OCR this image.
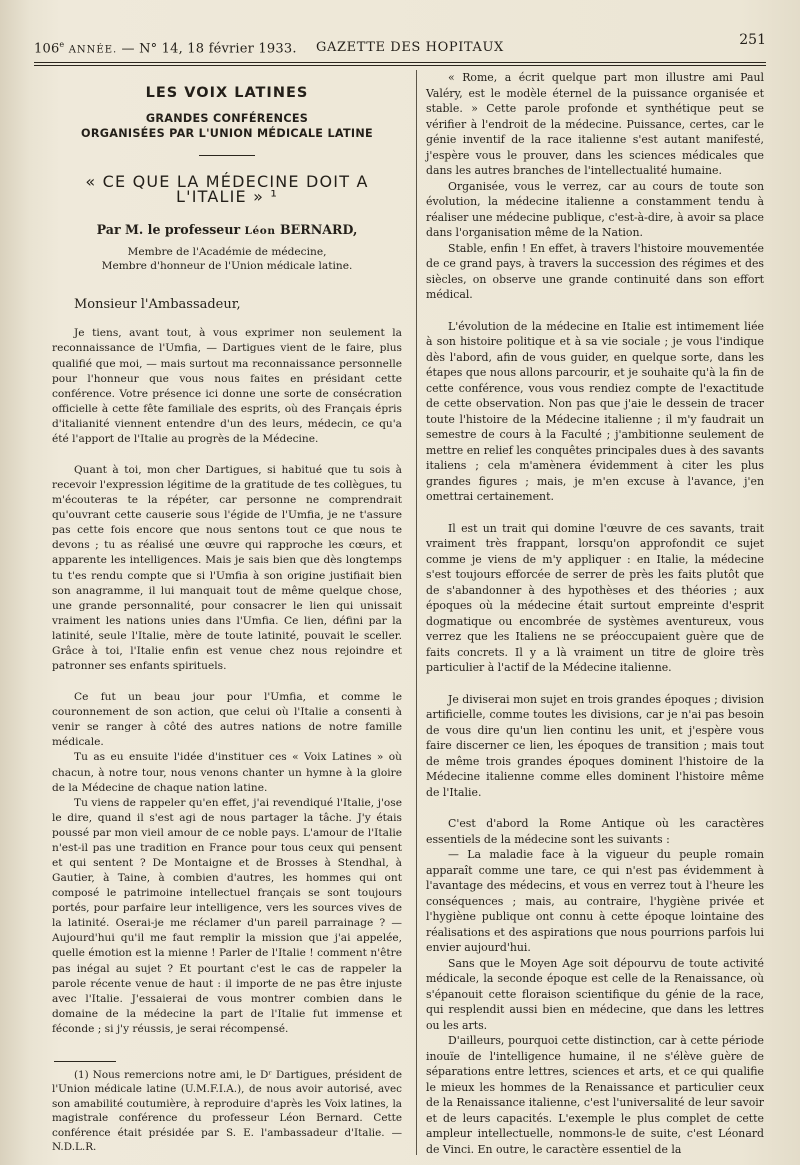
106e ANNÉE. — N° 14, 18 février 1933. GAZETTE DES HOPITAUX	251
LES VOIX LATINES
GRANDES CONFÉRENCES
ORGANISÉES PAR L'UNION MÉDICALE LATINE
« CE QUE LA MÉDECINE DOIT A L'ITALIE » ¹
Par M. le professeur Léon BERNARD,
Membre de l'Académie de médecine,
Membre d'honneur de l'Union médicale latine.

Monsieur l'Ambassadeur,

Je tiens, avant tout, à vous exprimer non seulement la reconnaissance de l'Umfia, — Dartigues vient de le faire, plus qualifié que moi, — mais surtout ma reconnaissance personnelle pour l'honneur que vous nous faites en présidant cette conférence. Votre présence ici donne une sorte de consécration officielle à cette fête familiale des esprits, où des Français épris d'italianité viennent entendre d'un des leurs, médecin, ce qu'a été l'apport de l'Italie au progrès de la Médecine.

Quant à toi, mon cher Dartigues, si habitué que tu sois à recevoir l'expression légitime de la gratitude de tes collègues, tu m'écouteras te la répéter, car personne ne comprendrait qu'ouvrant cette causerie sous l'égide de l'Umfia, je ne t'assure pas cette fois encore que nous sentons tout ce que nous te devons ; tu as réalisé une œuvre qui rapproche les cœurs, et apparente les intelligences. Mais je sais bien que dès longtemps tu t'es rendu compte que si l'Umfia à son origine justifiait bien son anagramme, il lui manquait tout de même quelque chose, une grande personnalité, pour consacrer le lien qui unissait vraiment les nations unies dans l'Umfia. Ce lien, défini par la latinité, seule l'Italie, mère de toute latinité, pouvait le sceller. Grâce à toi, l'Italie enfin est venue chez nous rejoindre et patronner ses enfants spirituels.

Ce fut un beau jour pour l'Umfia, et comme le couronnement de son action, que celui où l'Italie a consenti à venir se ranger à côté des autres nations de notre famille médicale.

Tu as eu ensuite l'idée d'instituer ces « Voix Latines » où chacun, à notre tour, nous venons chanter un hymne à la gloire de la Médecine de chaque nation latine.

Tu viens de rappeler qu'en effet, j'ai revendiqué l'Italie, j'ose le dire, quand il s'est agi de nous partager la tâche. J'y étais poussé par mon vieil amour de ce noble pays. L'amour de l'Italie n'est-il pas une tradition en France pour tous ceux qui pensent et qui sentent ? De Montaigne et de Brosses à Stendhal, à Gautier, à Taine, à combien d'autres, les hommes qui ont composé le patrimoine intellectuel français se sont toujours portés, pour parfaire leur intelligence, vers les sources vives de la latinité. Oserai-je me réclamer d'un pareil parrainage ? — Aujourd'hui qu'il me faut remplir la mission que j'ai appelée, quelle émotion est la mienne ! Parler de l'Italie ! comment n'être pas inégal au sujet ? Et pourtant c'est le cas de rappeler la parole récente venue de haut : il importe de ne pas être injuste avec l'Italie. J'essaierai de vous montrer combien dans le domaine de la médecine la part de l'Italie fut immense et féconde ; si j'y réussis, je serai récompensé.

(1) Nous remercions notre ami, le Dʳ Dartigues, président de l'Union médicale latine (U.M.F.I.A.), de nous avoir autorisé, avec son amabilité coutumière, à reproduire d'après les Voix latines, la magistrale conférence du professeur Léon Bernard. Cette conférence était présidée par S. E. l'ambassadeur d'Italie. — N.D.L.R.

« Rome, a écrit quelque part mon illustre ami Paul Valéry, est le modèle éternel de la puissance organisée et stable. » Cette parole profonde et synthétique peut se vérifier à l'endroit de la médecine. Puissance, certes, car le génie inventif de la race italienne s'est autant manifesté, j'espère vous le prouver, dans les sciences médicales que dans les autres branches de l'intellectualité humaine.

Organisée, vous le verrez, car au cours de toute son évolution, la médecine italienne a constamment tendu à réaliser une médecine publique, c'est-à-dire, à avoir sa place dans l'organisation même de la Nation.

Stable, enfin ! En effet, à travers l'histoire mouvementée de ce grand pays, à travers la succession des régimes et des siècles, on observe une grande continuité dans son effort médical.

L'évolution de la médecine en Italie est intimement liée à son histoire politique et à sa vie sociale ; je vous l'indique dès l'abord, afin de vous guider, en quelque sorte, dans les étapes que nous allons parcourir, et je souhaite qu'à la fin de cette conférence, vous vous rendiez compte de l'exactitude de cette observation. Non pas que j'aie le dessein de tracer toute l'histoire de la Médecine italienne ; il m'y faudrait un semestre de cours à la Faculté ; j'ambitionne seulement de mettre en relief les conquêtes principales dues à des savants italiens ; cela m'amènera évidemment à citer les plus grandes figures ; mais, je m'en excuse à l'avance, j'en omettrai certainement.

Il est un trait qui domine l'œuvre de ces savants, trait vraiment très frappant, lorsqu'on approfondit ce sujet comme je viens de m'y appliquer : en Italie, la médecine s'est toujours efforcée de serrer de près les faits plutôt que de s'abandonner à des hypothèses et des théories ; aux époques où la médecine était surtout empreinte d'esprit dogmatique ou encombrée de systèmes aventureux, vous verrez que les Italiens ne se préoccupaient guère que de faits concrets. Il y a là vraiment un titre de gloire très particulier à l'actif de la Médecine italienne.

Je diviserai mon sujet en trois grandes époques ; division artificielle, comme toutes les divisions, car je n'ai pas besoin de vous dire qu'un lien continu les unit, et j'espère vous faire discerner ce lien, les époques de transition ; mais tout de même trois grandes époques dominent l'histoire de la Médecine italienne comme elles dominent l'histoire même de l'Italie.

C'est d'abord la Rome Antique où les caractères essentiels de la médecine sont les suivants :

— La maladie face à la vigueur du peuple romain apparaît comme une tare, ce qui n'est pas évidemment à l'avantage des médecins, et vous en verrez tout à l'heure les conséquences ; mais, au contraire, l'hygiène privée et l'hygiène publique ont connu à cette époque lointaine des réalisations et des aspirations que nous pourrions parfois lui envier aujourd'hui.

Sans que le Moyen Age soit dépourvu de toute activité médicale, la seconde époque est celle de la Renaissance, où s'épanouit cette floraison scientifique du génie de la race, qui resplendit aussi bien en médecine, que dans les lettres ou les arts.

D'ailleurs, pourquoi cette distinction, car à cette période inouïe de l'intelligence humaine, il ne s'élève guère de séparations entre lettres, sciences et arts, et ce qui qualifie le mieux les hommes de la Renaissance et particulier ceux de la Renaissance italienne, c'est l'universalité de leur savoir et de leurs capacités. L'exemple le plus complet de cette ampleur intellectuelle, nommons-le de suite, c'est Léonard de Vinci. En outre, le caractère essentiel de la
